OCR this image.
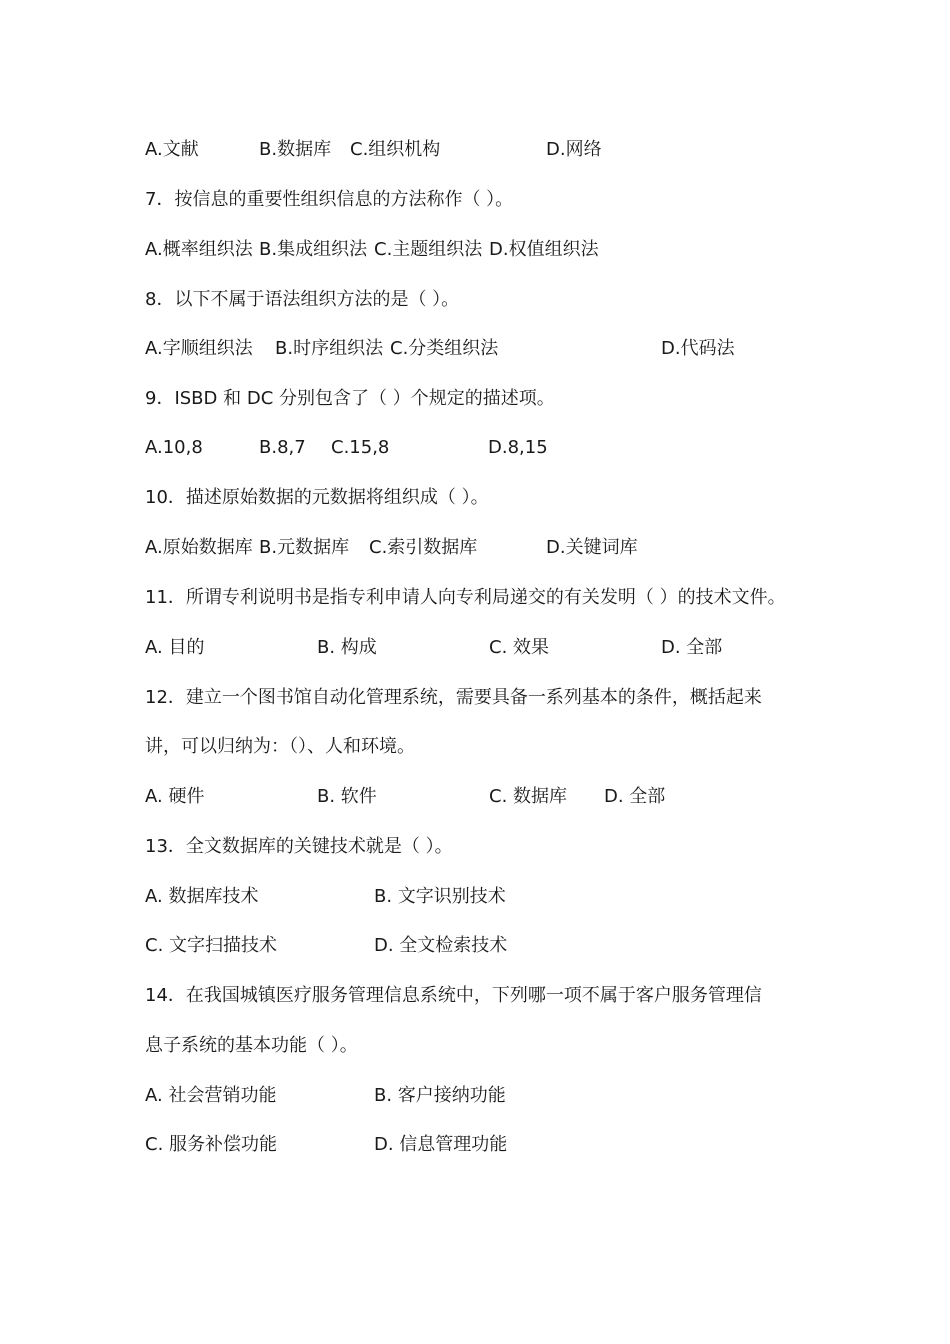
A.文献	B.数据库 C.组织机构	D.网络
7．按信息的重要性组织信息的方法称作（ ）。
A.概率组织法 B.集成组织法 C.主题组织法 D.权值组织法
8．以下不属于语法组织方法的是（ ）。
A.字顺组织法 B.时序组织法 C.分类组织法	D.代码法
9．ISBD 和 DC 分别包含了（ ）个规定的描述项。
A.10,8	B.8,7 C.15,8	D.8,15
10．描述原始数据的元数据将组织成（ ）。
A.原始数据库 B.元数据库 C.索引数据库	D.关键词库
11．所谓专利说明书是指专利申请人向专利局递交的有关发明（ ）的技术文件。
A. 目的	B. 构成	C. 效果	D. 全部
12．建立一个图书馆自动化管理系统，需要具备一系列基本的条件，概括起来
讲，可以归纳为：（）、人和环境。
A. 硬件	B. 软件	C. 数据库 D. 全部
13．全文数据库的关键技术就是（ ）。
A. 数据库技术	B. 文字识别技术
C. 文字扫描技术	D. 全文检索技术
14．在我国城镇医疗服务管理信息系统中，下列哪一项不属于客户服务管理信
息子系统的基本功能（ ）。
A. 社会营销功能	B. 客户接纳功能
C. 服务补偿功能	D. 信息管理功能
